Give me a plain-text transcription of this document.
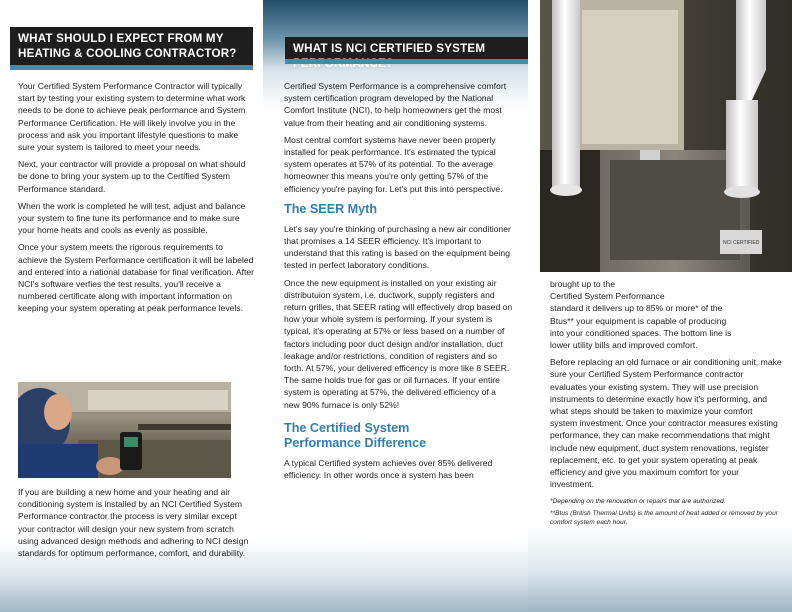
WHAT SHOULD I EXPECT FROM MY HEATING & COOLING CONTRACTOR?

Your Certified System Performance Contractor will typically start by testing your existing system to determine what work needs to be done to achieve peak performance and System Performance Certification. He will likely involve you in the process and ask you important lifestyle questions to make sure your system is tailored to meet your needs.

Next, your contractor will provide a proposal on what should be done to bring your system up to the Certified System Performance standard.

When the work is completed he will test, adjust and balance your system to fine tune its performance and to make sure your home heats and cools as evenly as possible.

Once your system meets the rigorous requirements to achieve the System Performance certification it will be labeled and entered into a national database for final verification. After NCI's software verfies the test results, you'll receive a numbered certificate along with important information on keeping your system operating at peak performance levels.

If you are building a new home and your heating and air conditioning system is installed by an NCI Certified System Performance contractor the process is very similar except your contractor will design your new system from scratch using advanced design methods and adhering to NCI design standards for optimum performance, comfort, and durability.

WHAT IS NCI CERTIFIED SYSTEM

Certified System Performance is a comprehensive comfort system certification program developed by the National Comfort Institute (NCI), to help homeowners get the most value from their heating and air conditioning systems.

Most central comfort systems have never been properly installed for peak performance. It's estimated the typical system operates at 57% of its potential. To the average homeowner this means you're only getting 57% of the efficiency you're paying for. Let's put this into perspective.

The SEER Myth

Let's say you're thinking of purchasing a new air conditioner that promises a 14 SEER efficiency. It's important to understand that this rating is based on the equipment being tested in perfect laboratory conditions.

Once the new equipment is installed on your existing air distributuion system, i.e. ductwork, supply registers and return grilles, that SEER rating will effectively drop based on how your whole system is performing. If your system is typical, it's operating at 57% or less based on a number of factors including poor duct design and/or installation, duct leakage and/or restrictions, condition of registers and so forth. At 57%, your delivered efficency is more like 8 SEER. The same holds true for gas or oil furnaces. If your entire system is operating at 57%, the delivered efficiency of a new 90% furnace is only 52%!

The Certified System Performance Difference

A typical Certified system achieves over 85% delivered efficiency. In other words once a system has been

NCI CERTIFIED

brought up to the
Certified System Performance
standard it delivers up to 85% or more* of the
Btus** your equipment is capable of producing
into your conditioned spaces. The bottom line is
lower utility bills and improved comfort.

Before replacing an old furnace or air conditioning unit, make sure your Certified System Performance contractor evaluates your existing system. They will use precision instruments to determine exactly how it's performing, and what steps should be taken to maximize your comfort system investment. Once your contractor measures existing performance, they can make recommendations that might include new equipment, duct system renovations, register replacement, etc. to get your system operating at peak efficiency and give you maximum comfort for your investment.

*Depending on the renovation or repairs that are authorized.
**Btus (British Thermal Units) is the amount of heat added or removed by your comfort system each hour.
